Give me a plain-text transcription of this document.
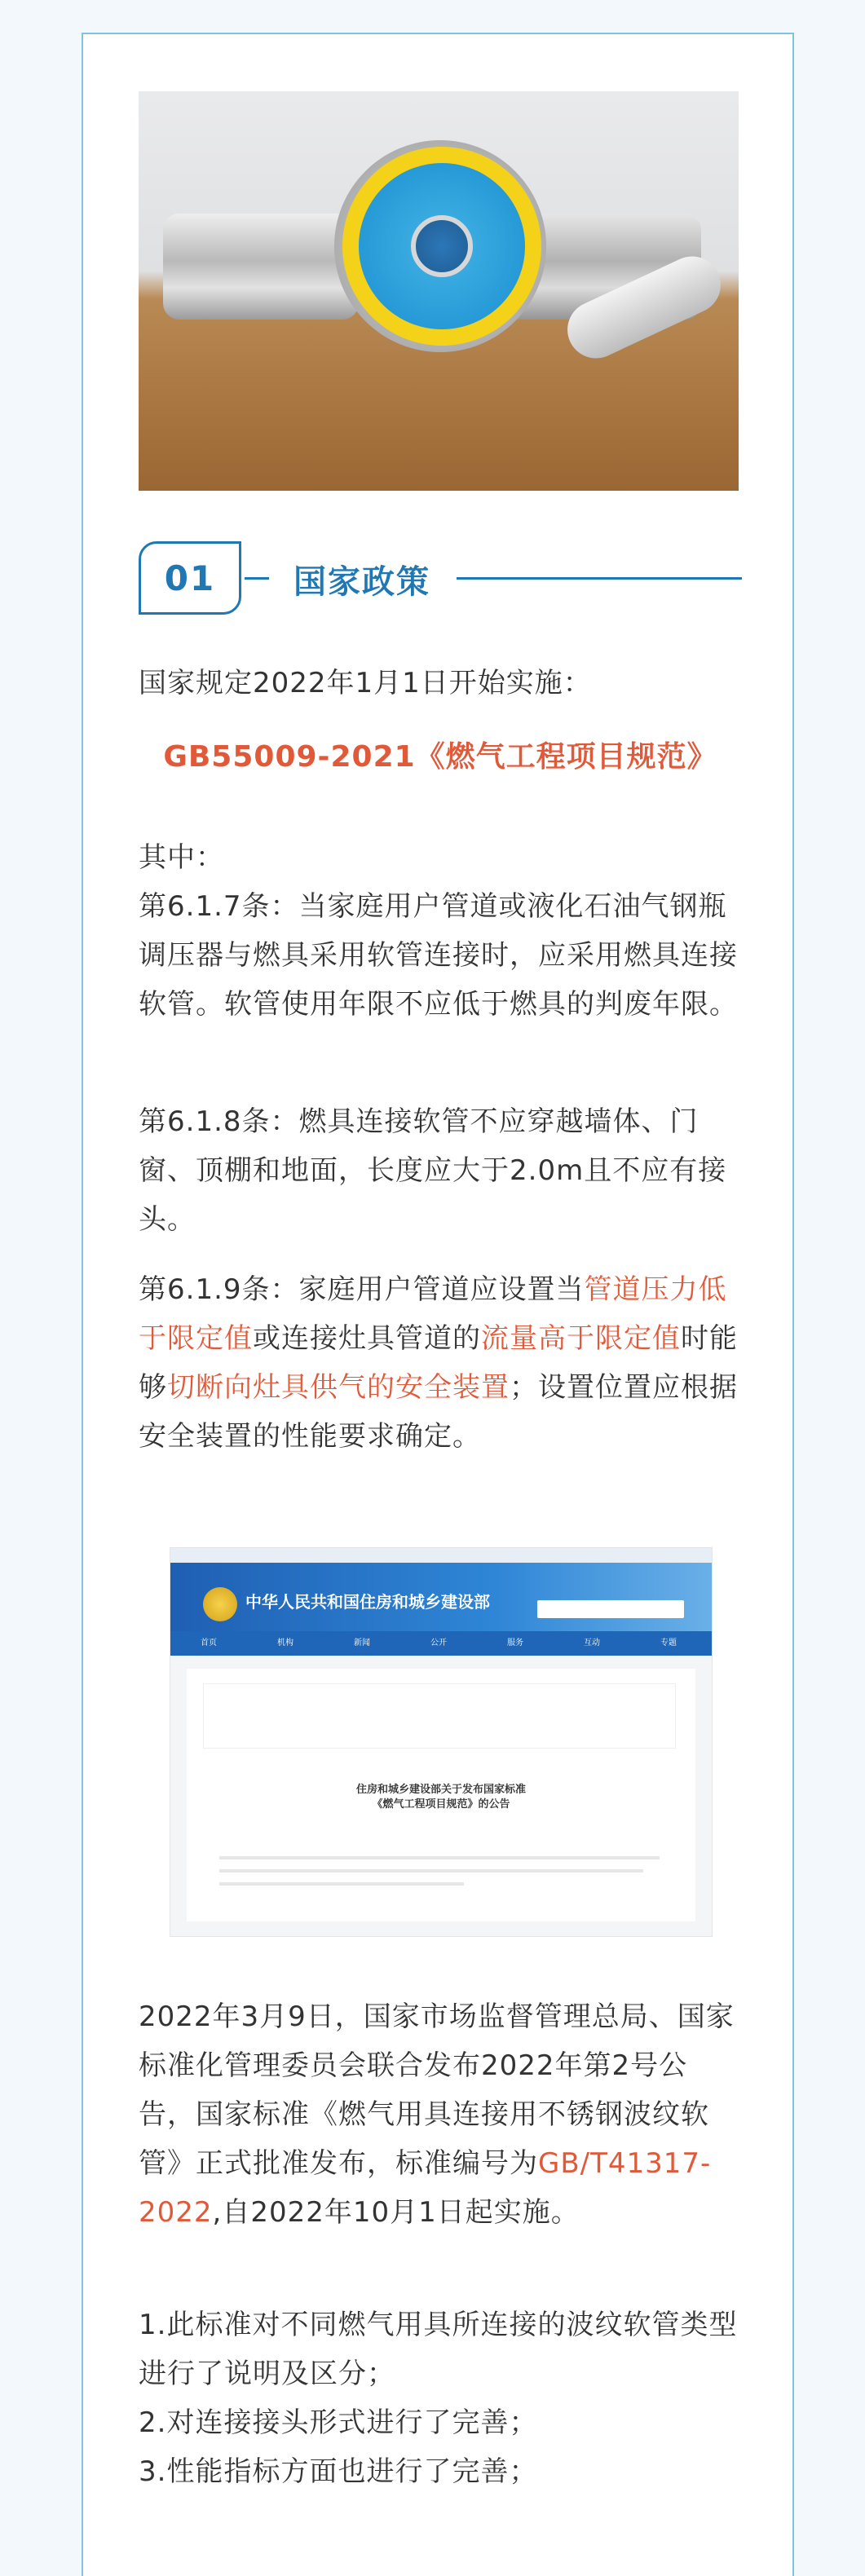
01	国家政策
国家规定2022年1月1日开始实施：
GB55009-2021《燃气工程项目规范》
其中：
第6.1.7条：当家庭用户管道或液化石油气钢瓶调压器与燃具采用软管连接时，应采用燃具连接软管。软管使用年限不应低于燃具的判废年限。
第6.1.8条：燃具连接软管不应穿越墙体、门窗、顶棚和地面，长度应大于2.0m且不应有接头。
第6.1.9条：家庭用户管道应设置当管道压力低于限定值或连接灶具管道的流量高于限定值时能够切断向灶具供气的安全装置；设置位置应根据安全装置的性能要求确定。
中华人民共和国住房和城乡建设部
首页	机构	新闻	公开	服务	互动	专题
住房和城乡建设部关于发布国家标准
《燃气工程项目规范》的公告
2022年3月9日，国家市场监督管理总局、国家标准化管理委员会联合发布2022年第2号公告，国家标准《燃气用具连接用不锈钢波纹软管》正式批准发布，标准编号为GB/T41317-2022,自2022年10月1日起实施。
1.此标准对不同燃气用具所连接的波纹软管类型进行了说明及区分；
2.对连接接头形式进行了完善；
3.性能指标方面也进行了完善；
